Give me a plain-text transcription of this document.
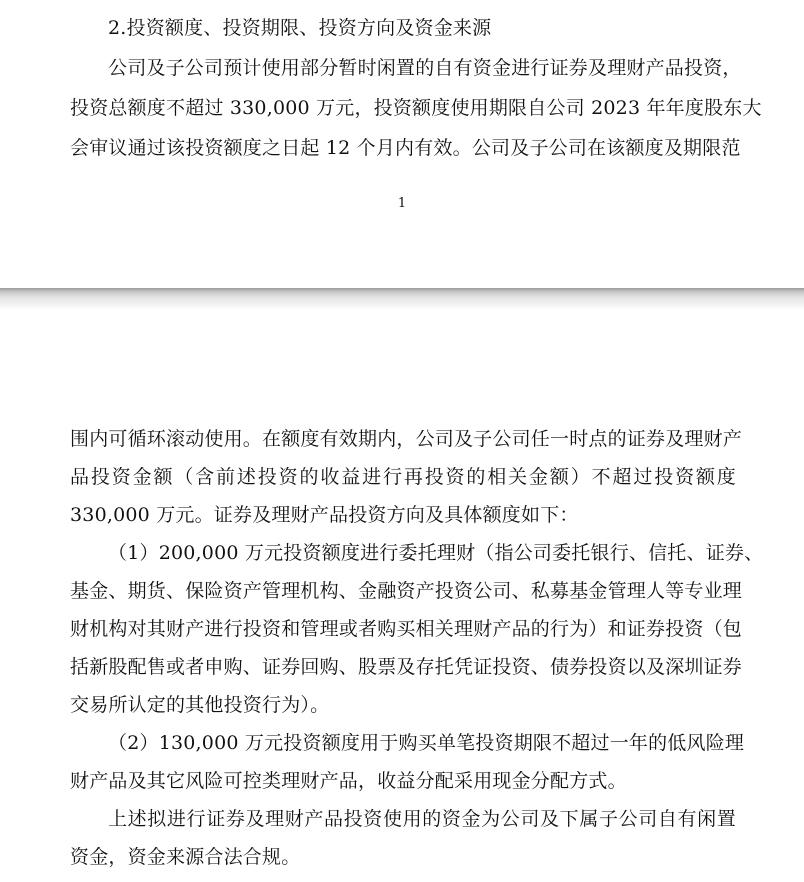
2.投资额度、投资期限、投资方向及资金来源
公司及子公司预计使用部分暂时闲置的自有资金进行证券及理财产品投资，
投资总额度不超过 330,000 万元，投资额度使用期限自公司 2023 年年度股东大
会审议通过该投资额度之日起 12 个月内有效。公司及子公司在该额度及期限范
1
围内可循环滚动使用。在额度有效期内，公司及子公司任一时点的证券及理财产
品投资金额（含前述投资的收益进行再投资的相关金额）不超过投资额度
330,000 万元。证券及理财产品投资方向及具体额度如下：
（1）200,000 万元投资额度进行委托理财（指公司委托银行、信托、证券、
基金、期货、保险资产管理机构、金融资产投资公司、私募基金管理人等专业理
财机构对其财产进行投资和管理或者购买相关理财产品的行为）和证券投资（包
括新股配售或者申购、证券回购、股票及存托凭证投资、债券投资以及深圳证券
交易所认定的其他投资行为）。
（2）130,000 万元投资额度用于购买单笔投资期限不超过一年的低风险理
财产品及其它风险可控类理财产品，收益分配采用现金分配方式。
上述拟进行证券及理财产品投资使用的资金为公司及下属子公司自有闲置
资金，资金来源合法合规。
